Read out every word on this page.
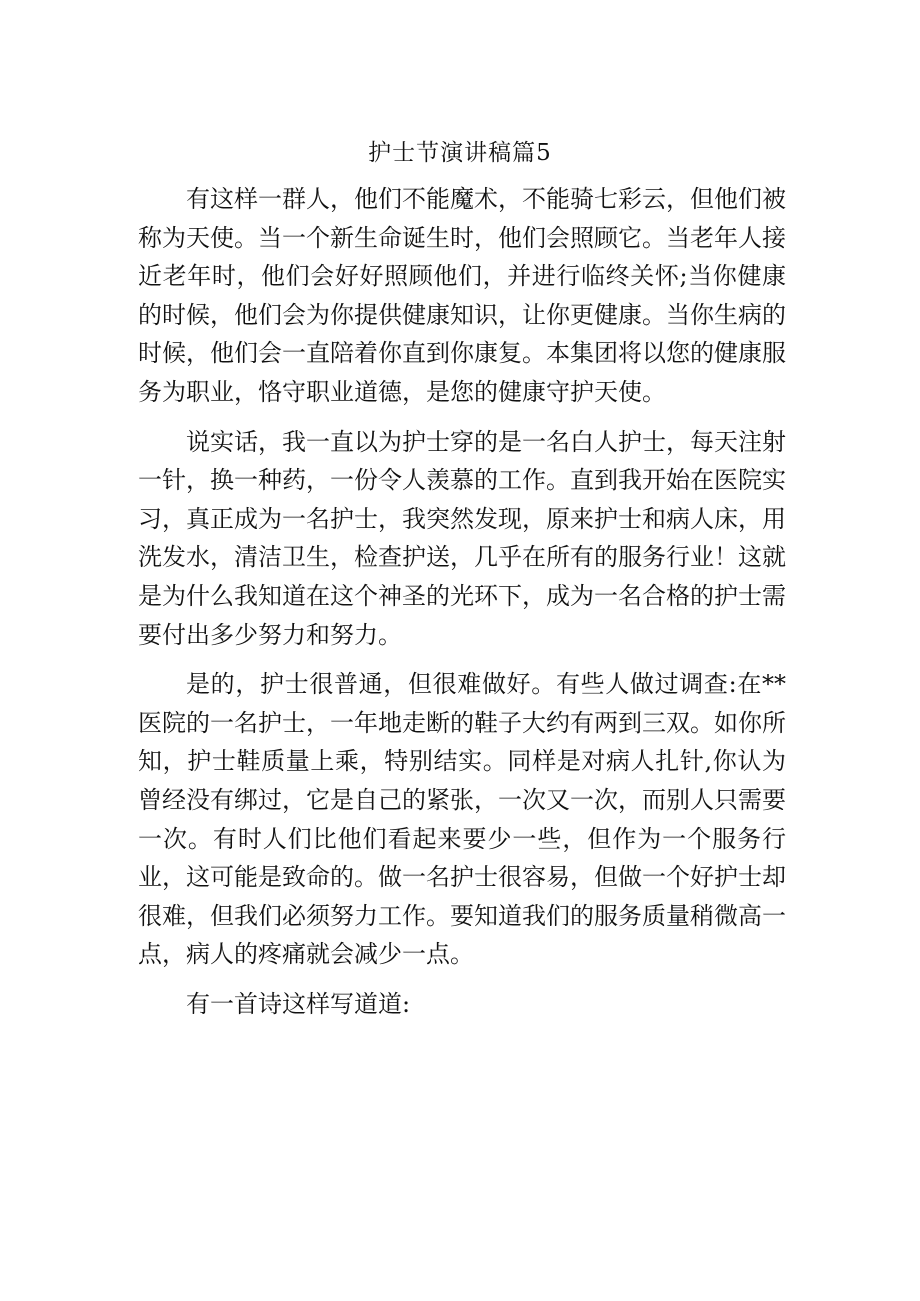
护士节演讲稿篇5

有这样一群人，他们不能魔术，不能骑七彩云，但他们被称为天使。当一个新生命诞生时，他们会照顾它。当老年人接近老年时，他们会好好照顾他们，并进行临终关怀;当你健康的时候，他们会为你提供健康知识，让你更健康。当你生病的时候，他们会一直陪着你直到你康复。本集团将以您的健康服务为职业，恪守职业道德，是您的健康守护天使。

说实话，我一直以为护士穿的是一名白人护士，每天注射一针，换一种药，一份令人羡慕的工作。直到我开始在医院实习，真正成为一名护士，我突然发现，原来护士和病人床，用洗发水，清洁卫生，检查护送，几乎在所有的服务行业！这就是为什么我知道在这个神圣的光环下，成为一名合格的护士需要付出多少努力和努力。

是的，护士很普通，但很难做好。有些人做过调查:在**医院的一名护士，一年地走断的鞋子大约有两到三双。如你所知，护士鞋质量上乘，特别结实。同样是对病人扎针,你认为曾经没有绑过，它是自己的紧张，一次又一次，而别人只需要一次。有时人们比他们看起来要少一些，但作为一个服务行业，这可能是致命的。做一名护士很容易，但做一个好护士却很难，但我们必须努力工作。要知道我们的服务质量稍微高一点，病人的疼痛就会减少一点。

有一首诗这样写道道:
